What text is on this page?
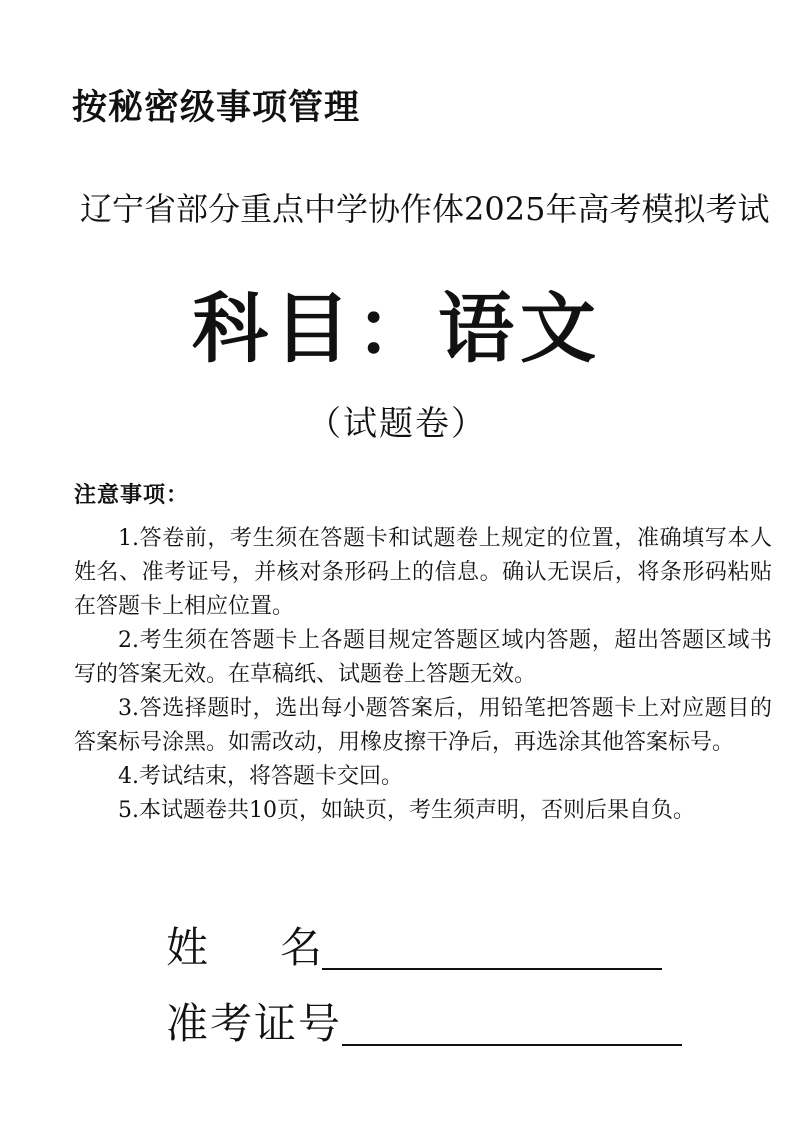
按秘密级事项管理
辽宁省部分重点中学协作体2025年高考模拟考试
科目：语文
（试题卷）
注意事项：

1.答卷前，考生须在答题卡和试题卷上规定的位置，准确填写本人姓名、准考证号，并核对条形码上的信息。确认无误后，将条形码粘贴在答题卡上相应位置。

2.考生须在答题卡上各题目规定答题区域内答题，超出答题区域书写的答案无效。在草稿纸、试题卷上答题无效。

3.答选择题时，选出每小题答案后，用铅笔把答题卡上对应题目的答案标号涂黑。如需改动，用橡皮擦干净后，再选涂其他答案标号。

4.考试结束，将答题卡交回。

5.本试题卷共10页，如缺页，考生须声明，否则后果自负。

姓名
准考证号
